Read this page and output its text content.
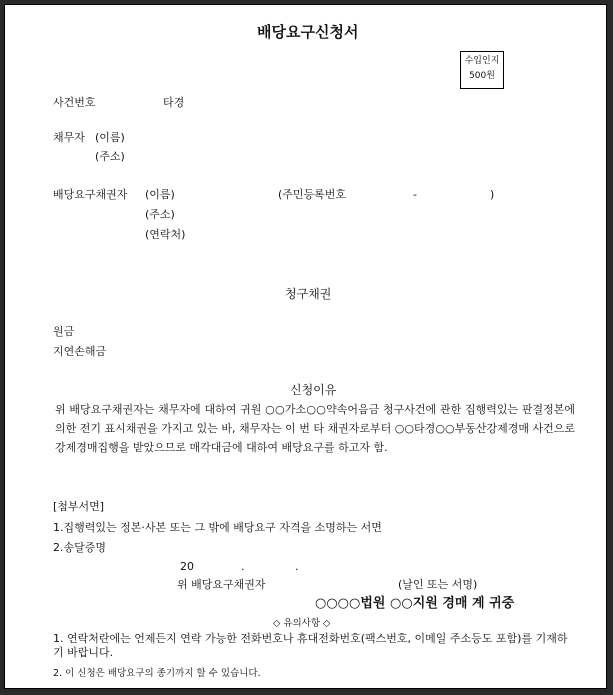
배당요구신청서
수입인지
500원
사건번호	타경
채무자 (이름)
(주소)
배당요구채권자 (이름)	(주민등록번호	-	)
(주소)
(연락처)
청구채권
원금
지연손해금
신청이유
위 배당요구채권자는 채무자에 대하여 귀원 ○○가소○○약속어음금 청구사건에 관한 집행력있는 판결정본에 의한 전기 표시채권을 가지고 있는 바, 채무자는 이 번 타 채권자로부터 ○○타경○○부동산강제경매 사건으로 강제경매집행을 받았으므로 매각대금에 대하여 배당요구를 하고자 함.
[첨부서면]
1.집행력있는 정본·사본 또는 그 밖에 배당요구 자격을 소명하는 서면
2.송달증명
20	.	.
위 배당요구채권자	(날인 또는 서명)
○○○○법원 ○○지원 경매 계 귀중
◇ 유의사항 ◇
1. 연락처란에는 언제든지 연락 가능한 전화번호나 휴대전화번호(팩스번호, 이메일 주소등도 포함)를 기재하기 바랍니다.
2. 이 신청은 배당요구의 종기까지 할 수 있습니다.
